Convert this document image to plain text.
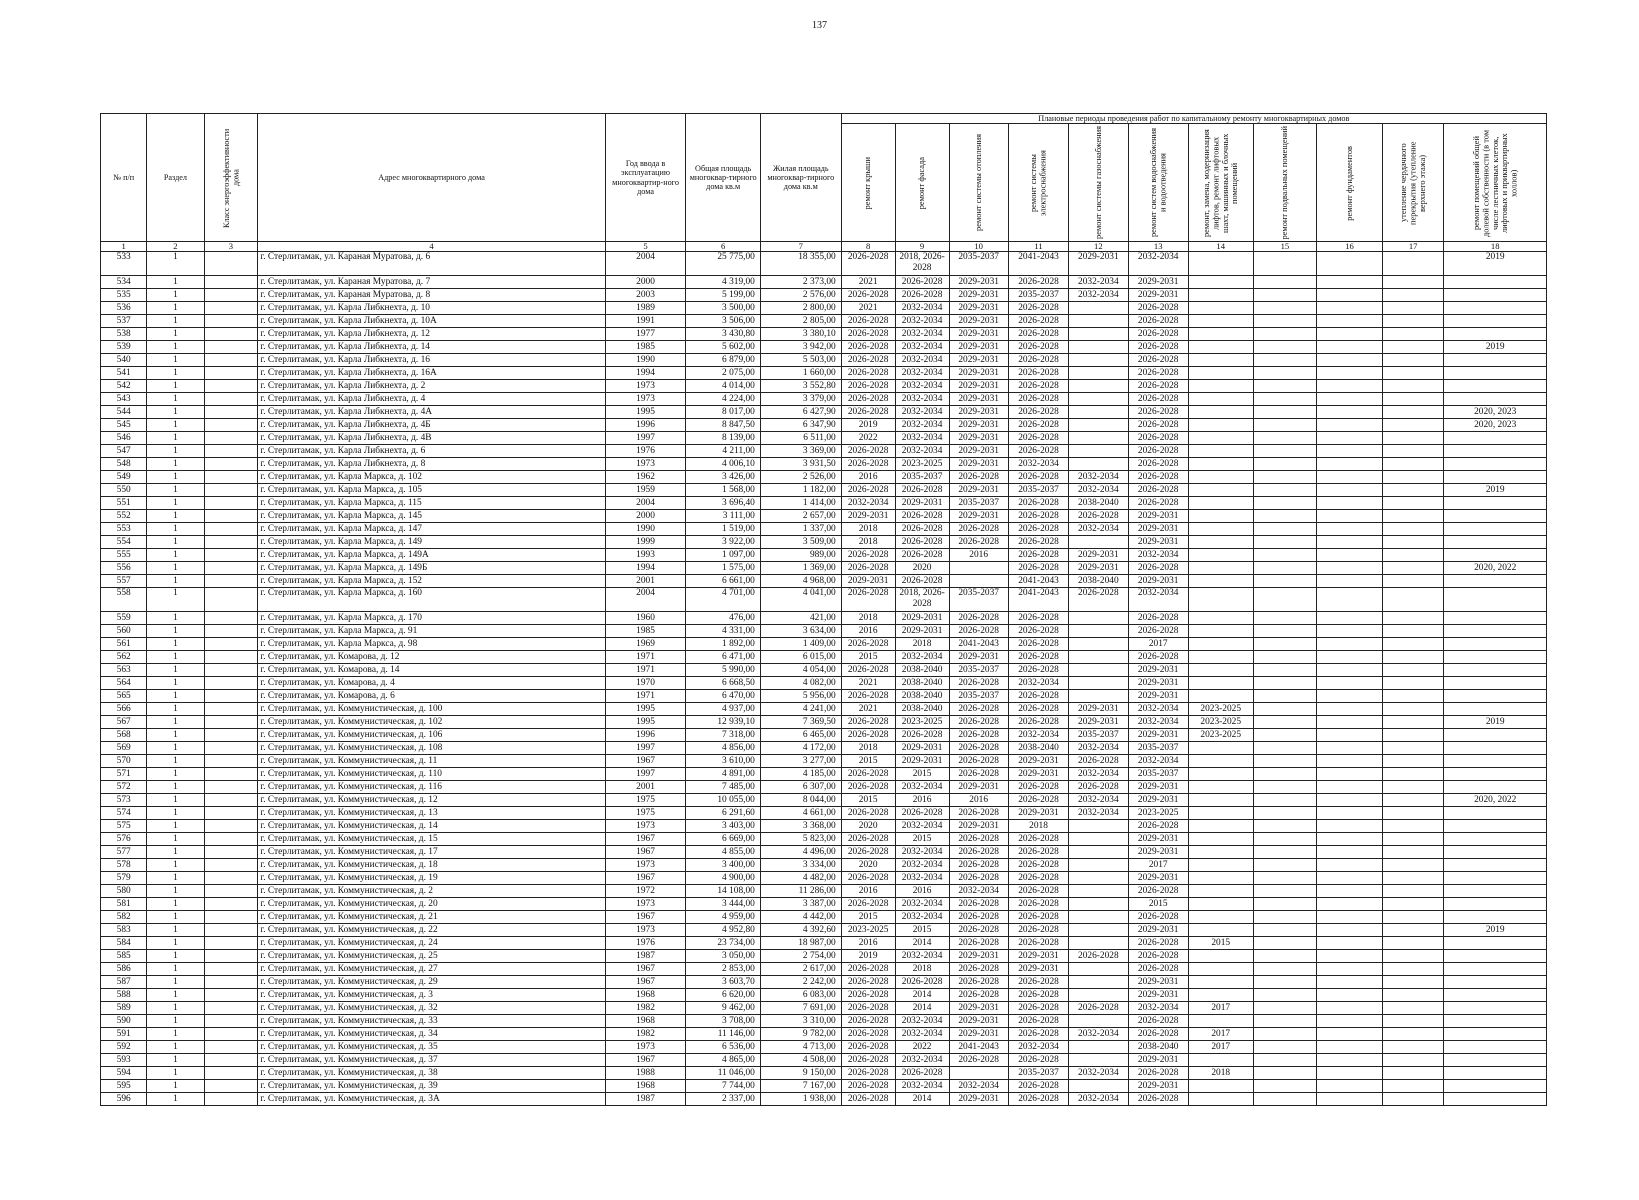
137
№ п/п	Раздел	Класс энергоэффективности дома	Адрес многоквартирного дома	Год ввода в эксплуатацию многоквартир-ного дома	Общая площадь многоквар-тирного дома кв.м	Жилая площадь многоквар-тирного дома кв.м	Плановые периоды проведения работ по капитальному ремонту многоквартирных домов										

							ремонт крыши	ремонт фасада	ремонт системы отопления	ремонт системы электроснабжения	ремонт системы газоснабжения	ремонт систем водоснабжения и водоотведения	ремонт, замена, модернизация лифтов, ремонт лифтовых шахт, машинных и блочных помещений	ремонт подвальных помещений	ремонт фундаментов	утепление чердачного перекрытия (утепление верхнего этажа)	ремонт помещений общей долевой собственности (в том числе лестничных клеток, лифтовых и приквартирных холлов)

1	2	3	4	5	6	7	8	9	10	11	12	13	14	15	16	17	18
533	1		г. Стерлитамак, ул. Караная Муратова, д. 6	2004	25 775,00	18 355,00	2026-2028	2018, 2026-2028	2035-2037	2041-2043	2029-2031	2032-2034					2019
534	1		г. Стерлитамак, ул. Караная Муратова, д. 7	2000	4 319,00	2 373,00	2021	2026-2028	2029-2031	2026-2028	2032-2034	2029-2031					
535	1		г. Стерлитамак, ул. Караная Муратова, д. 8	2003	5 199,00	2 576,00	2026-2028	2026-2028	2029-2031	2035-2037	2032-2034	2029-2031					
536	1		г. Стерлитамак, ул. Карла Либкнехта, д. 10	1989	3 500,00	2 800,00	2021	2032-2034	2029-2031	2026-2028		2026-2028					
537	1		г. Стерлитамак, ул. Карла Либкнехта, д. 10А	1991	3 506,00	2 805,00	2026-2028	2032-2034	2029-2031	2026-2028		2026-2028					
538	1		г. Стерлитамак, ул. Карла Либкнехта, д. 12	1977	3 430,80	3 380,10	2026-2028	2032-2034	2029-2031	2026-2028		2026-2028					
539	1		г. Стерлитамак, ул. Карла Либкнехта, д. 14	1985	5 602,00	3 942,00	2026-2028	2032-2034	2029-2031	2026-2028		2026-2028					2019
540	1		г. Стерлитамак, ул. Карла Либкнехта, д. 16	1990	6 879,00	5 503,00	2026-2028	2032-2034	2029-2031	2026-2028		2026-2028					
541	1		г. Стерлитамак, ул. Карла Либкнехта, д. 16А	1994	2 075,00	1 660,00	2026-2028	2032-2034	2029-2031	2026-2028		2026-2028					
542	1		г. Стерлитамак, ул. Карла Либкнехта, д. 2	1973	4 014,00	3 552,80	2026-2028	2032-2034	2029-2031	2026-2028		2026-2028					
543	1		г. Стерлитамак, ул. Карла Либкнехта, д. 4	1973	4 224,00	3 379,00	2026-2028	2032-2034	2029-2031	2026-2028		2026-2028					
544	1		г. Стерлитамак, ул. Карла Либкнехта, д. 4А	1995	8 017,00	6 427,90	2026-2028	2032-2034	2029-2031	2026-2028		2026-2028					2020, 2023
545	1		г. Стерлитамак, ул. Карла Либкнехта, д. 4Б	1996	8 847,50	6 347,90	2019	2032-2034	2029-2031	2026-2028		2026-2028					2020, 2023
546	1		г. Стерлитамак, ул. Карла Либкнехта, д. 4В	1997	8 139,00	6 511,00	2022	2032-2034	2029-2031	2026-2028		2026-2028					
547	1		г. Стерлитамак, ул. Карла Либкнехта, д. 6	1976	4 211,00	3 369,00	2026-2028	2032-2034	2029-2031	2026-2028		2026-2028					
548	1		г. Стерлитамак, ул. Карла Либкнехта, д. 8	1973	4 006,10	3 931,50	2026-2028	2023-2025	2029-2031	2032-2034		2026-2028					
549	1		г. Стерлитамак, ул. Карла Маркса, д. 102	1962	3 426,00	2 526,00	2016	2035-2037	2026-2028	2026-2028	2032-2034	2026-2028					
550	1		г. Стерлитамак, ул. Карла Маркса, д. 105	1959	1 568,00	1 182,00	2026-2028	2026-2028	2029-2031	2035-2037	2032-2034	2026-2028					2019
551	1		г. Стерлитамак, ул. Карла Маркса, д. 115	2004	3 696,40	1 414,00	2032-2034	2029-2031	2035-2037	2026-2028	2038-2040	2026-2028					
552	1		г. Стерлитамак, ул. Карла Маркса, д. 145	2000	3 111,00	2 657,00	2029-2031	2026-2028	2029-2031	2026-2028	2026-2028	2029-2031					
553	1		г. Стерлитамак, ул. Карла Маркса, д. 147	1990	1 519,00	1 337,00	2018	2026-2028	2026-2028	2026-2028	2032-2034	2029-2031					
554	1		г. Стерлитамак, ул. Карла Маркса, д. 149	1999	3 922,00	3 509,00	2018	2026-2028	2026-2028	2026-2028		2029-2031					
555	1		г. Стерлитамак, ул. Карла Маркса, д. 149А	1993	1 097,00	989,00	2026-2028	2026-2028	2016	2026-2028	2029-2031	2032-2034					
556	1		г. Стерлитамак, ул. Карла Маркса, д. 149Б	1994	1 575,00	1 369,00	2026-2028	2020		2026-2028	2029-2031	2026-2028					2020, 2022
557	1		г. Стерлитамак, ул. Карла Маркса, д. 152	2001	6 661,00	4 968,00	2029-2031	2026-2028		2041-2043	2038-2040	2029-2031					
558	1		г. Стерлитамак, ул. Карла Маркса, д. 160	2004	4 701,00	4 041,00	2026-2028	2018, 2026-2028	2035-2037	2041-2043	2026-2028	2032-2034					
559	1		г. Стерлитамак, ул. Карла Маркса, д. 170	1960	476,00	421,00	2018	2029-2031	2026-2028	2026-2028		2026-2028					
560	1		г. Стерлитамак, ул. Карла Маркса, д. 91	1985	4 331,00	3 634,00	2016	2029-2031	2026-2028	2026-2028		2026-2028					
561	1		г. Стерлитамак, ул. Карла Маркса, д. 98	1969	1 892,00	1 409,00	2026-2028	2018	2041-2043	2026-2028		2017					
562	1		г. Стерлитамак, ул. Комарова, д. 12	1971	6 471,00	6 015,00	2015	2032-2034	2029-2031	2026-2028		2026-2028					
563	1		г. Стерлитамак, ул. Комарова, д. 14	1971	5 990,00	4 054,00	2026-2028	2038-2040	2035-2037	2026-2028		2029-2031					
564	1		г. Стерлитамак, ул. Комарова, д. 4	1970	6 668,50	4 082,00	2021	2038-2040	2026-2028	2032-2034		2029-2031					
565	1		г. Стерлитамак, ул. Комарова, д. 6	1971	6 470,00	5 956,00	2026-2028	2038-2040	2035-2037	2026-2028		2029-2031					
566	1		г. Стерлитамак, ул. Коммунистическая, д. 100	1995	4 937,00	4 241,00	2021	2038-2040	2026-2028	2026-2028	2029-2031	2032-2034	2023-2025				
567	1		г. Стерлитамак, ул. Коммунистическая, д. 102	1995	12 939,10	7 369,50	2026-2028	2023-2025	2026-2028	2026-2028	2029-2031	2032-2034	2023-2025				2019
568	1		г. Стерлитамак, ул. Коммунистическая, д. 106	1996	7 318,00	6 465,00	2026-2028	2026-2028	2026-2028	2032-2034	2035-2037	2029-2031	2023-2025				
569	1		г. Стерлитамак, ул. Коммунистическая, д. 108	1997	4 856,00	4 172,00	2018	2029-2031	2026-2028	2038-2040	2032-2034	2035-2037					
570	1		г. Стерлитамак, ул. Коммунистическая, д. 11	1967	3 610,00	3 277,00	2015	2029-2031	2026-2028	2029-2031	2026-2028	2032-2034					
571	1		г. Стерлитамак, ул. Коммунистическая, д. 110	1997	4 891,00	4 185,00	2026-2028	2015	2026-2028	2029-2031	2032-2034	2035-2037					
572	1		г. Стерлитамак, ул. Коммунистическая, д. 116	2001	7 485,00	6 307,00	2026-2028	2032-2034	2029-2031	2026-2028	2026-2028	2029-2031					
573	1		г. Стерлитамак, ул. Коммунистическая, д. 12	1975	10 055,00	8 044,00	2015	2016	2016	2026-2028	2032-2034	2029-2031					2020, 2022
574	1		г. Стерлитамак, ул. Коммунистическая, д. 13	1975	6 291,60	4 661,00	2026-2028	2026-2028	2026-2028	2029-2031	2032-2034	2023-2025					
575	1		г. Стерлитамак, ул. Коммунистическая, д. 14	1973	3 403,00	3 368,00	2020	2032-2034	2029-2031	2018		2026-2028					
576	1		г. Стерлитамак, ул. Коммунистическая, д. 15	1967	6 669,00	5 823,00	2026-2028	2015	2026-2028	2026-2028		2029-2031					
577	1		г. Стерлитамак, ул. Коммунистическая, д. 17	1967	4 855,00	4 496,00	2026-2028	2032-2034	2026-2028	2026-2028		2029-2031					
578	1		г. Стерлитамак, ул. Коммунистическая, д. 18	1973	3 400,00	3 334,00	2020	2032-2034	2026-2028	2026-2028		2017					
579	1		г. Стерлитамак, ул. Коммунистическая, д. 19	1967	4 900,00	4 482,00	2026-2028	2032-2034	2026-2028	2026-2028		2029-2031					
580	1		г. Стерлитамак, ул. Коммунистическая, д. 2	1972	14 108,00	11 286,00	2016	2016	2032-2034	2026-2028		2026-2028					
581	1		г. Стерлитамак, ул. Коммунистическая, д. 20	1973	3 444,00	3 387,00	2026-2028	2032-2034	2026-2028	2026-2028		2015					
582	1		г. Стерлитамак, ул. Коммунистическая, д. 21	1967	4 959,00	4 442,00	2015	2032-2034	2026-2028	2026-2028		2026-2028					
583	1		г. Стерлитамак, ул. Коммунистическая, д. 22	1973	4 952,80	4 392,60	2023-2025	2015	2026-2028	2026-2028		2029-2031					2019
584	1		г. Стерлитамак, ул. Коммунистическая, д. 24	1976	23 734,00	18 987,00	2016	2014	2026-2028	2026-2028		2026-2028	2015				
585	1		г. Стерлитамак, ул. Коммунистическая, д. 25	1987	3 050,00	2 754,00	2019	2032-2034	2029-2031	2029-2031	2026-2028	2026-2028					
586	1		г. Стерлитамак, ул. Коммунистическая, д. 27	1967	2 853,00	2 617,00	2026-2028	2018	2026-2028	2029-2031		2026-2028					
587	1		г. Стерлитамак, ул. Коммунистическая, д. 29	1967	3 603,70	2 242,00	2026-2028	2026-2028	2026-2028	2026-2028		2029-2031					
588	1		г. Стерлитамак, ул. Коммунистическая, д. 3	1968	6 620,00	6 083,00	2026-2028	2014	2026-2028	2026-2028		2029-2031					
589	1		г. Стерлитамак, ул. Коммунистическая, д. 32	1982	9 462,00	7 691,00	2026-2028	2014	2029-2031	2026-2028	2026-2028	2032-2034	2017				
590	1		г. Стерлитамак, ул. Коммунистическая, д. 33	1968	3 708,00	3 310,00	2026-2028	2032-2034	2029-2031	2026-2028		2026-2028					
591	1		г. Стерлитамак, ул. Коммунистическая, д. 34	1982	11 146,00	9 782,00	2026-2028	2032-2034	2029-2031	2026-2028	2032-2034	2026-2028	2017				
592	1		г. Стерлитамак, ул. Коммунистическая, д. 35	1973	6 536,00	4 713,00	2026-2028	2022	2041-2043	2032-2034		2038-2040	2017				
593	1		г. Стерлитамак, ул. Коммунистическая, д. 37	1967	4 865,00	4 508,00	2026-2028	2032-2034	2026-2028	2026-2028		2029-2031					
594	1		г. Стерлитамак, ул. Коммунистическая, д. 38	1988	11 046,00	9 150,00	2026-2028	2026-2028		2035-2037	2032-2034	2026-2028	2018				
595	1		г. Стерлитамак, ул. Коммунистическая, д. 39	1968	7 744,00	7 167,00	2026-2028	2032-2034	2032-2034	2026-2028		2029-2031					
596	1		г. Стерлитамак, ул. Коммунистическая, д. 3А	1987	2 337,00	1 938,00	2026-2028	2014	2029-2031	2026-2028	2032-2034	2026-2028					
